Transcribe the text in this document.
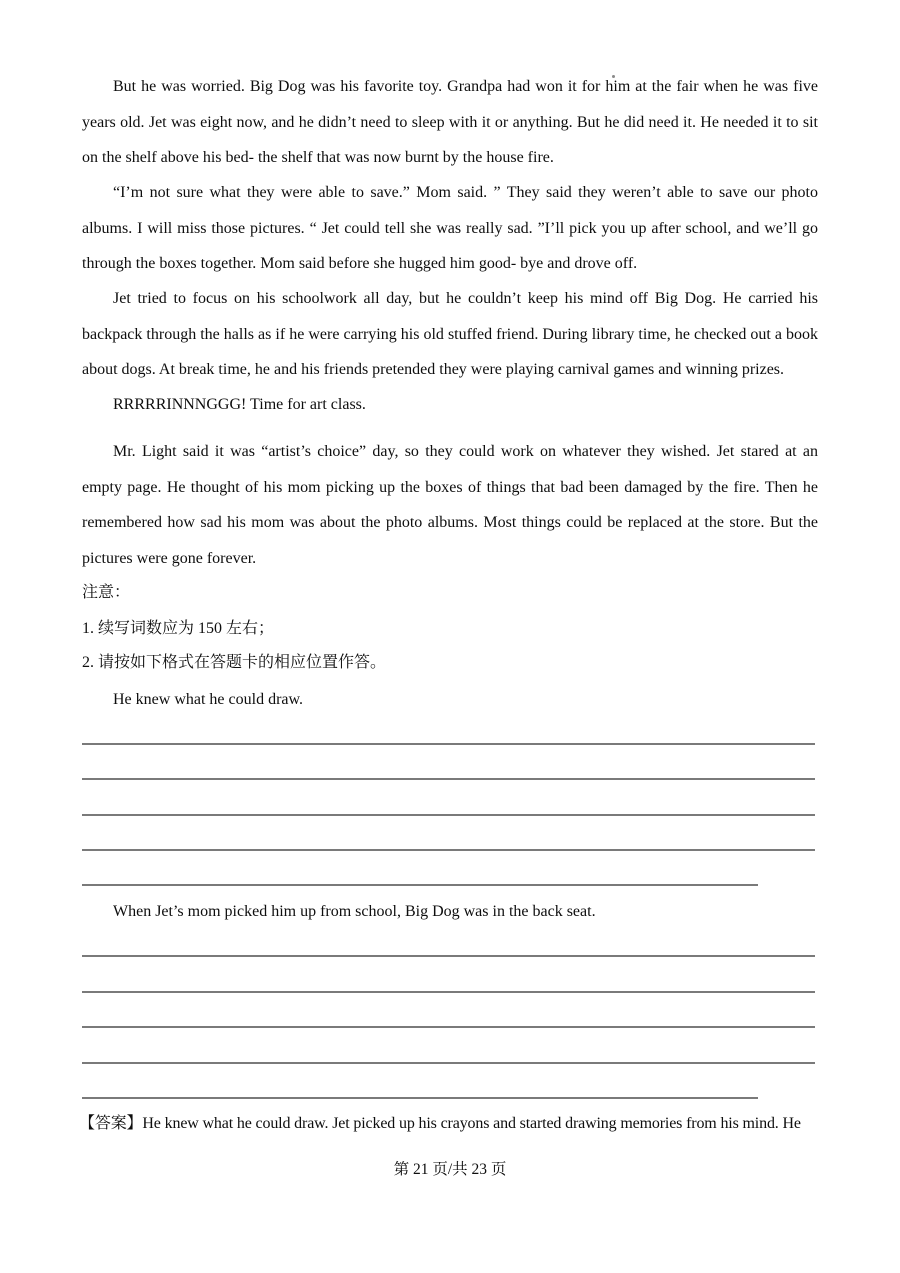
But he was worried. Big Dog was his favorite toy. Grandpa had won it for him at the fair when he was five years old. Jet was eight now, and he didn’t need to sleep with it or anything. But he did need it. He needed it to sit on the shelf above his bed- the shelf that was now burnt by the house fire.
“I’m not sure what they were able to save.” Mom said. ” They said they weren’t able to save our photo albums. I will miss those pictures. “ Jet could tell she was really sad. ”I’ll pick you up after school, and we’ll go through the boxes together. Mom said before she hugged him good- bye and drove off.
Jet tried to focus on his schoolwork all day, but he couldn’t keep his mind off Big Dog. He carried his backpack through the halls as if he were carrying his old stuffed friend. During library time, he checked out a book about dogs. At break time, he and his friends pretended they were playing carnival games and winning prizes.
RRRRRINNNGGG! Time for art class.
Mr. Light said it was “artist’s choice” day, so they could work on whatever they wished. Jet stared at an empty page. He thought of his mom picking up the boxes of things that bad been damaged by the fire. Then he remembered how sad his mom was about the photo albums. Most things could be replaced at the store. But the pictures were gone forever.
注意：
1. 续写词数应为 150 左右；
2. 请按如下格式在答题卡的相应位置作答。
He knew what he could draw.
When Jet’s mom picked him up from school, Big Dog was in the back seat.
【答案】He knew what he could draw. Jet picked up his crayons and started drawing memories from his mind. He
第 21 页/共 23 页
